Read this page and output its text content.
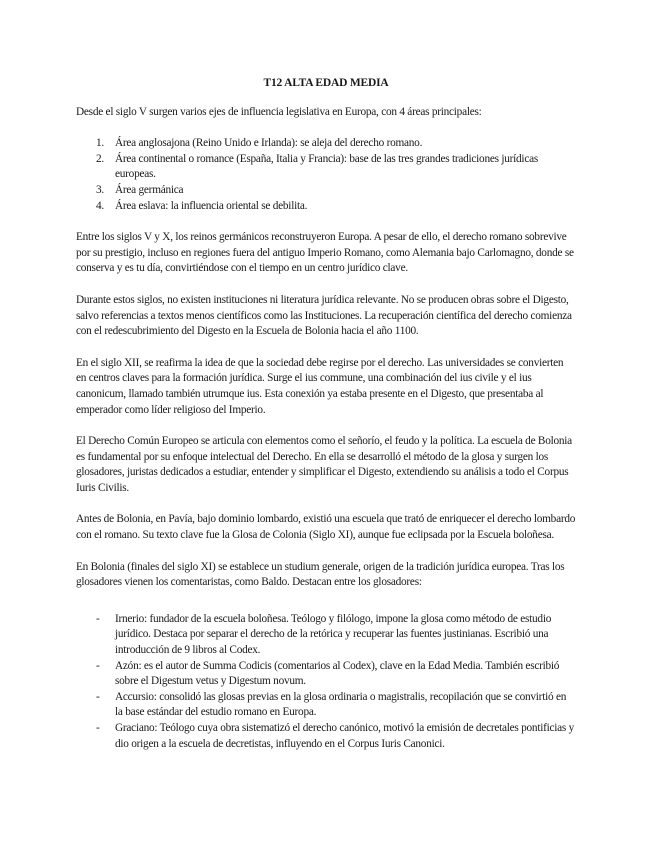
T12 ALTA EDAD MEDIA

Desde el siglo V surgen varios ejes de influencia legislativa en Europa, con 4 áreas principales:

1. Área anglosajona (Reino Unido e Irlanda): se aleja del derecho romano.
2. Área continental o romance (España, Italia y Francia): base de las tres grandes tradiciones jurídicas europeas.
3. Área germánica
4. Área eslava: la influencia oriental se debilita.

Entre los siglos V y X, los reinos germánicos reconstruyeron Europa. A pesar de ello, el derecho romano sobrevive por su prestigio, incluso en regiones fuera del antiguo Imperio Romano, como Alemania bajo Carlomagno, donde se conserva y es tu día, convirtiéndose con el tiempo en un centro jurídico clave.

Durante estos siglos, no existen instituciones ni literatura jurídica relevante. No se producen obras sobre el Digesto, salvo referencias a textos menos científicos como las Instituciones. La recuperación científica del derecho comienza con el redescubrimiento del Digesto en la Escuela de Bolonia hacia el año 1100.

En el siglo XII, se reafirma la idea de que la sociedad debe regirse por el derecho. Las universidades se convierten en centros claves para la formación jurídica. Surge el ius commune, una combinación del ius civile y el ius canonicum, llamado también utrumque ius. Esta conexión ya estaba presente en el Digesto, que presentaba al emperador como líder religioso del Imperio.

El Derecho Común Europeo se articula con elementos como el señorío, el feudo y la política. La escuela de Bolonia es fundamental por su enfoque intelectual del Derecho. En ella se desarrolló el método de la glosa y surgen los glosadores, juristas dedicados a estudiar, entender y simplificar el Digesto, extendiendo su análisis a todo el Corpus Iuris Civilis.

Antes de Bolonia, en Pavía, bajo dominio lombardo, existió una escuela que trató de enriquecer el derecho lombardo con el romano. Su texto clave fue la Glosa de Colonia (Siglo XI), aunque fue eclipsada por la Escuela boloñesa.

En Bolonia (finales del siglo XI) se establece un studium generale, origen de la tradición jurídica europea. Tras los glosadores vienen los comentaristas, como Baldo. Destacan entre los glosadores:

- Irnerio: fundador de la escuela boloñesa. Teólogo y filólogo, impone la glosa como método de estudio jurídico. Destaca por separar el derecho de la retórica y recuperar las fuentes justinianas. Escribió una introducción de 9 libros al Codex.
- Azón: es el autor de Summa Codicis (comentarios al Codex), clave en la Edad Media. También escribió sobre el Digestum vetus y Digestum novum.
- Accursio: consolidó las glosas previas en la glosa ordinaria o magistralis, recopilación que se convirtió en la base estándar del estudio romano en Europa.
- Graciano: Teólogo cuya obra sistematizó el derecho canónico, motivó la emisión de decretales pontificias y dio origen a la escuela de decretistas, influyendo en el Corpus Iuris Canonici.
